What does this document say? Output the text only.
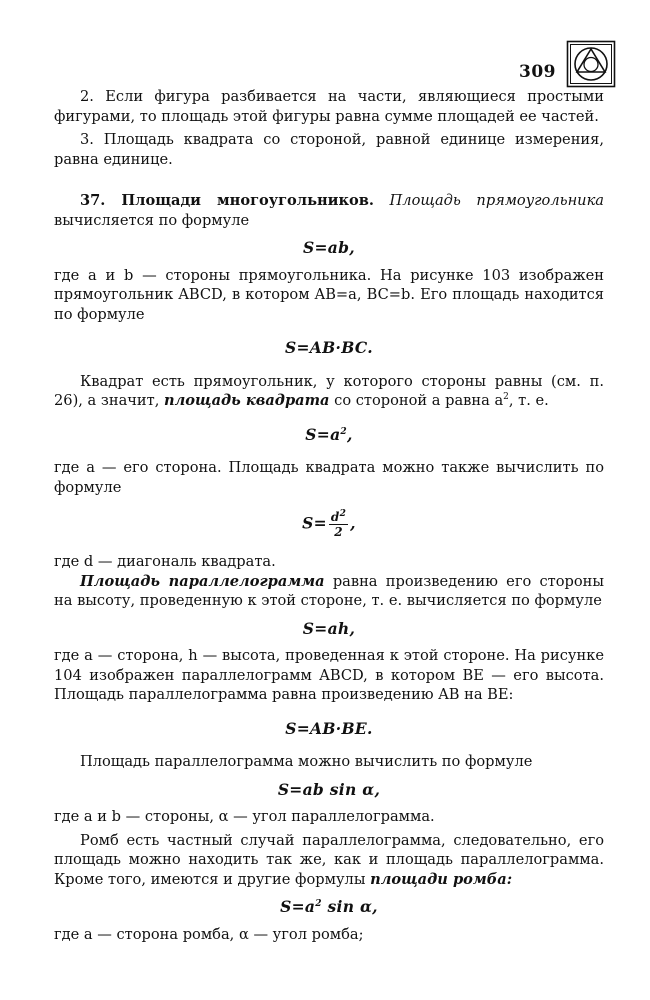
309

2. Если фигура разбивается на части, являющиеся простыми фигурами, то площадь этой фигуры равна сумме площадей ее частей.

3. Площадь квадрата со стороной, равной единице измерения, равна единице.

37. Площади многоугольников. Площадь прямоугольника вычисляется по формуле

S=ab,

где a и b — стороны прямоугольника. На рисунке 103 изображен прямоугольник ABCD, в котором AB=a, BC=b. Его площадь находится по формуле

S=AB·BC.

Квадрат есть прямоугольник, у которого стороны равны (см. п. 26), а значит, площадь квадрата со стороной a равна $a^2$, т. е.

$S=a^2$,

где a — его сторона. Площадь квадрата можно также вычислить по формуле

$S= \frac{d^2}{2}$ ,

где d — диагональ квадрата.

Площадь параллелограмма равна произведению его стороны на высоту, проведенную к этой стороне, т. е. вычисляется по формуле

S=ah,

где a — сторона, h — высота, проведенная к этой стороне. На рисунке 104 изображен параллелограмм ABCD, в котором BE — его высота. Площадь параллелограмма равна произведению AB на BE:

S=AB·BE.

Площадь параллелограмма можно вычислить по формуле

S=ab sin α,

где a и b — стороны, α — угол параллелограмма.

Ромб есть частный случай параллелограмма, следовательно, его площадь можно находить так же, как и площадь параллелограмма. Кроме того, имеются и другие формулы площади ромба:

$S=a^2$ sin α,

где a — сторона ромба, α — угол ромба;
